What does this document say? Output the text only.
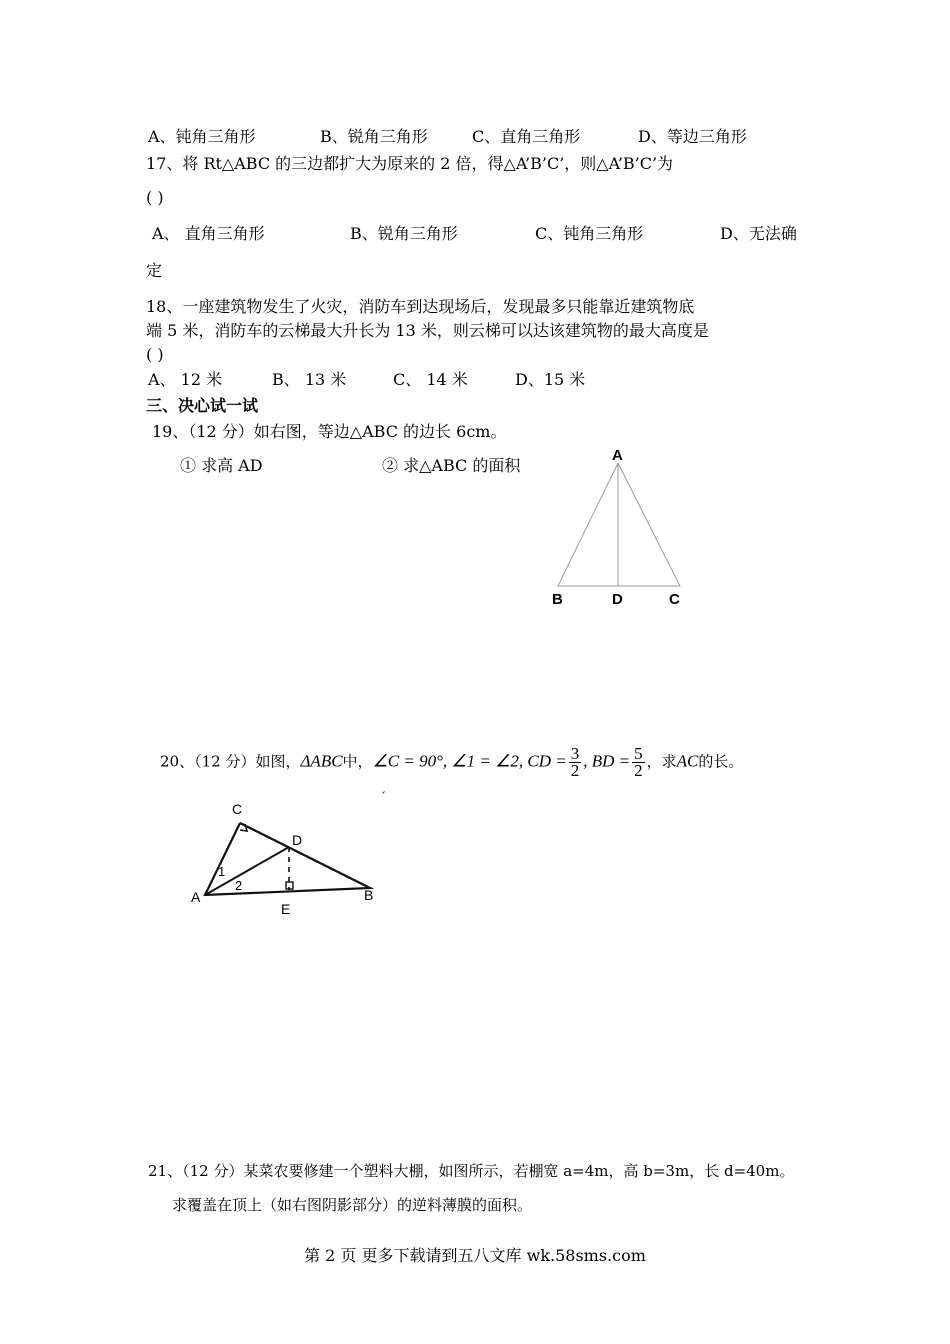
A、钝角三角形	B、锐角三角形	C、直角三角形	D、等边三角形
17、将 Rt△ABC 的三边都扩大为原来的 2 倍，得△A’B’C’，则△A’B’C’为
( )
A、 直角三角形	B、锐角三角形	C、钝角三角形	D、无法确
定
18、一座建筑物发生了火灾，消防车到达现场后，发现最多只能靠近建筑物底
端 5 米，消防车的云梯最大升长为 13 米，则云梯可以达该建筑物的最大高度是
( )
A、 12 米	B、 13 米	C、 14 米	D、15 米
三、决心试一试
19、（12 分）如右图，等边△ABC 的边长 6cm。
① 求高 AD	② 求△ABC 的面积
A
B	D	C
20、（12 分）如图，ΔABC中，∠C = 90°, ∠1 = ∠2, CD = $\frac{3}{2}$ , BD = $\frac{5}{2}$ ，求AC的长。
C
D
A	B
E
1
2
21、（12 分）某菜农要修建一个塑料大棚，如图所示，若棚宽 a=4m，高 b=3m，长 d=40m。
求覆盖在顶上（如右图阴影部分）的逆料薄膜的面积。
第 2 页 更多下载请到五八文库 wk.58sms.com
